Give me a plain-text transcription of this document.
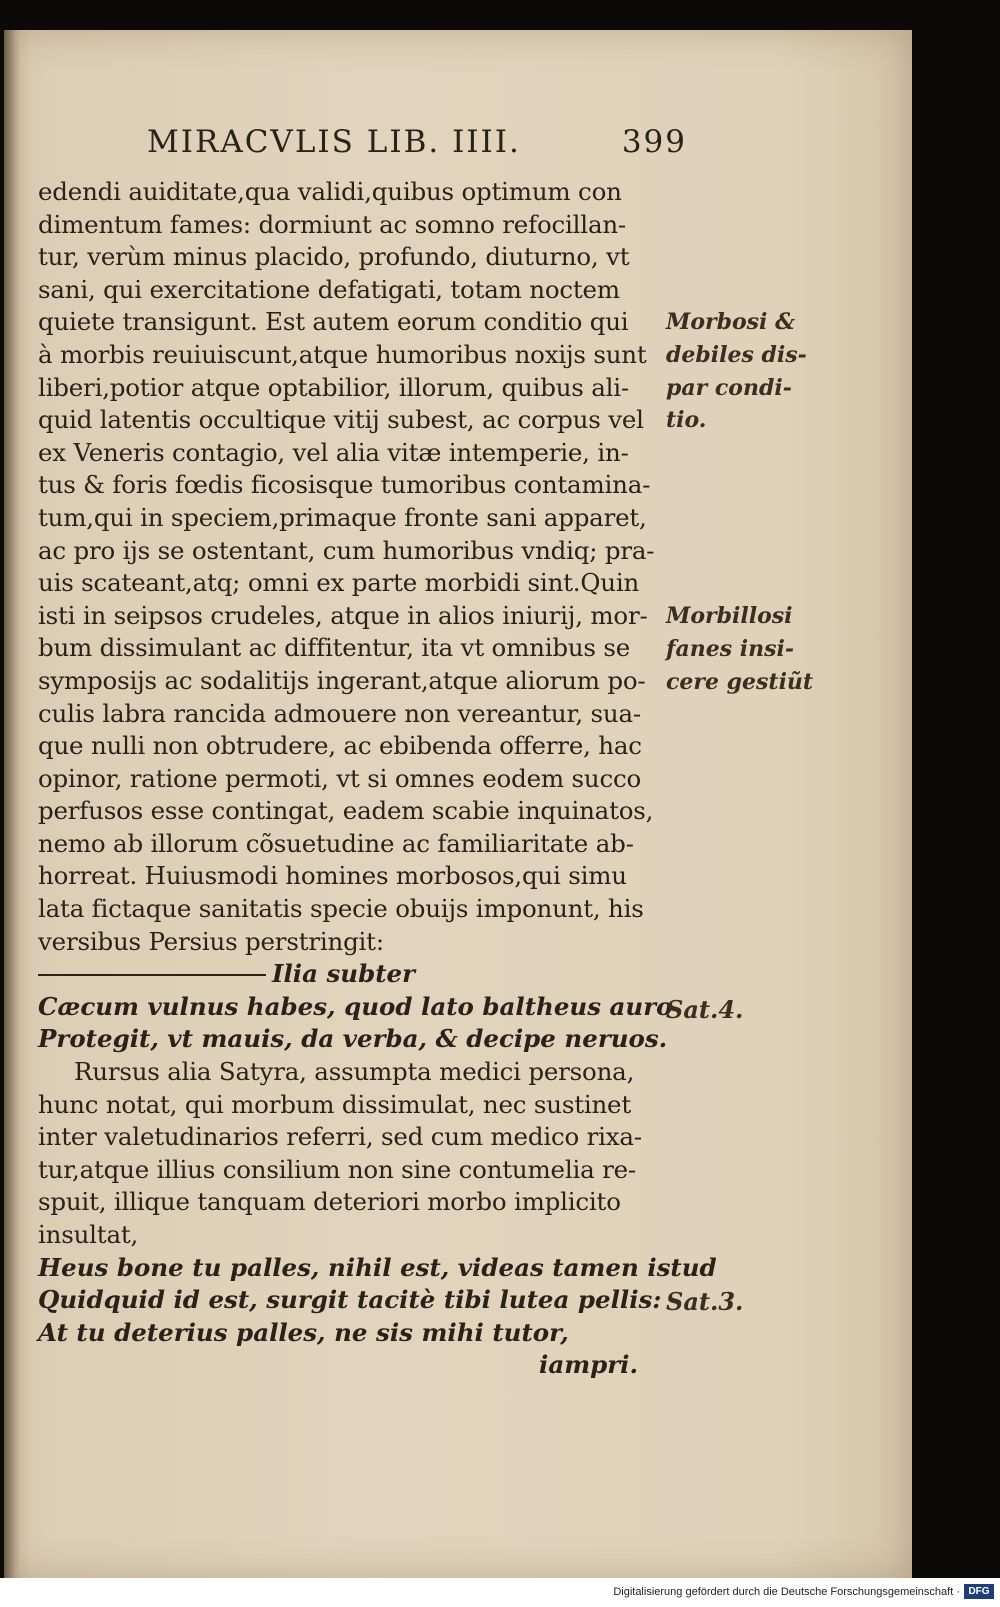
MIRACVLIS LIB. IIII.	399
edendi auiditate,qua validi,quibus optimum con
dimentum fames: dormiunt ac somno refocillan-
tur, verùm minus placido, profundo, diuturno, vt
sani, qui exercitatione defatigati, totam noctem
quiete transigunt. Est autem eorum conditio qui
à morbis reuiuiscunt,atque humoribus noxijs sunt
liberi,potior atque optabilior, illorum, quibus ali-
quid latentis occultique vitij subest, ac corpus vel
ex Veneris contagio, vel alia vitæ intemperie, in-
tus & foris fœdis ficosisque tumoribus contamina-
tum,qui in speciem,primaque fronte sani apparet,
ac pro ijs se ostentant, cum humoribus vndiq; pra-
uis scateant,atq; omni ex parte morbidi sint.Quin
isti in seipsos crudeles, atque in alios iniurij, mor-
bum dissimulant ac diffitentur, ita vt omnibus se
symposijs ac sodalitijs ingerant,atque aliorum po-
culis labra rancida admouere non vereantur, sua-
que nulli non obtrudere, ac ebibenda offerre, hac
opinor, ratione permoti, vt si omnes eodem succo
perfusos esse contingat, eadem scabie inquinatos,
nemo ab illorum cõsuetudine ac familiaritate ab-
horreat. Huiusmodi homines morbosos,qui simu
lata fictaque sanitatis specie obuijs imponunt, his
versibus Persius perstringit:
Ilia subter
Cæcum vulnus habes, quod lato baltheus auro
Protegit, vt mauis, da verba, & decipe neruos.
Rursus alia Satyra, assumpta medici persona,
hunc notat, qui morbum dissimulat, nec sustinet
inter valetudinarios referri, sed cum medico rixa-
tur,atque illius consilium non sine contumelia re-
spuit, illique tanquam deteriori morbo implicito
insultat,
Heus bone tu palles, nihil est, videas tamen istud
Quidquid id est, surgit tacitè tibi lutea pellis:
At tu deterius palles, ne sis mihi tutor,
iampri.
Morbosi &
debiles dis-
par condi-
tio.
Morbillosi
fanes insi-
cere gestiũt
Sat.4.
Sat.3.
Digitalisierung gefördert durch die Deutsche Forschungsgemeinschaft · DFG
